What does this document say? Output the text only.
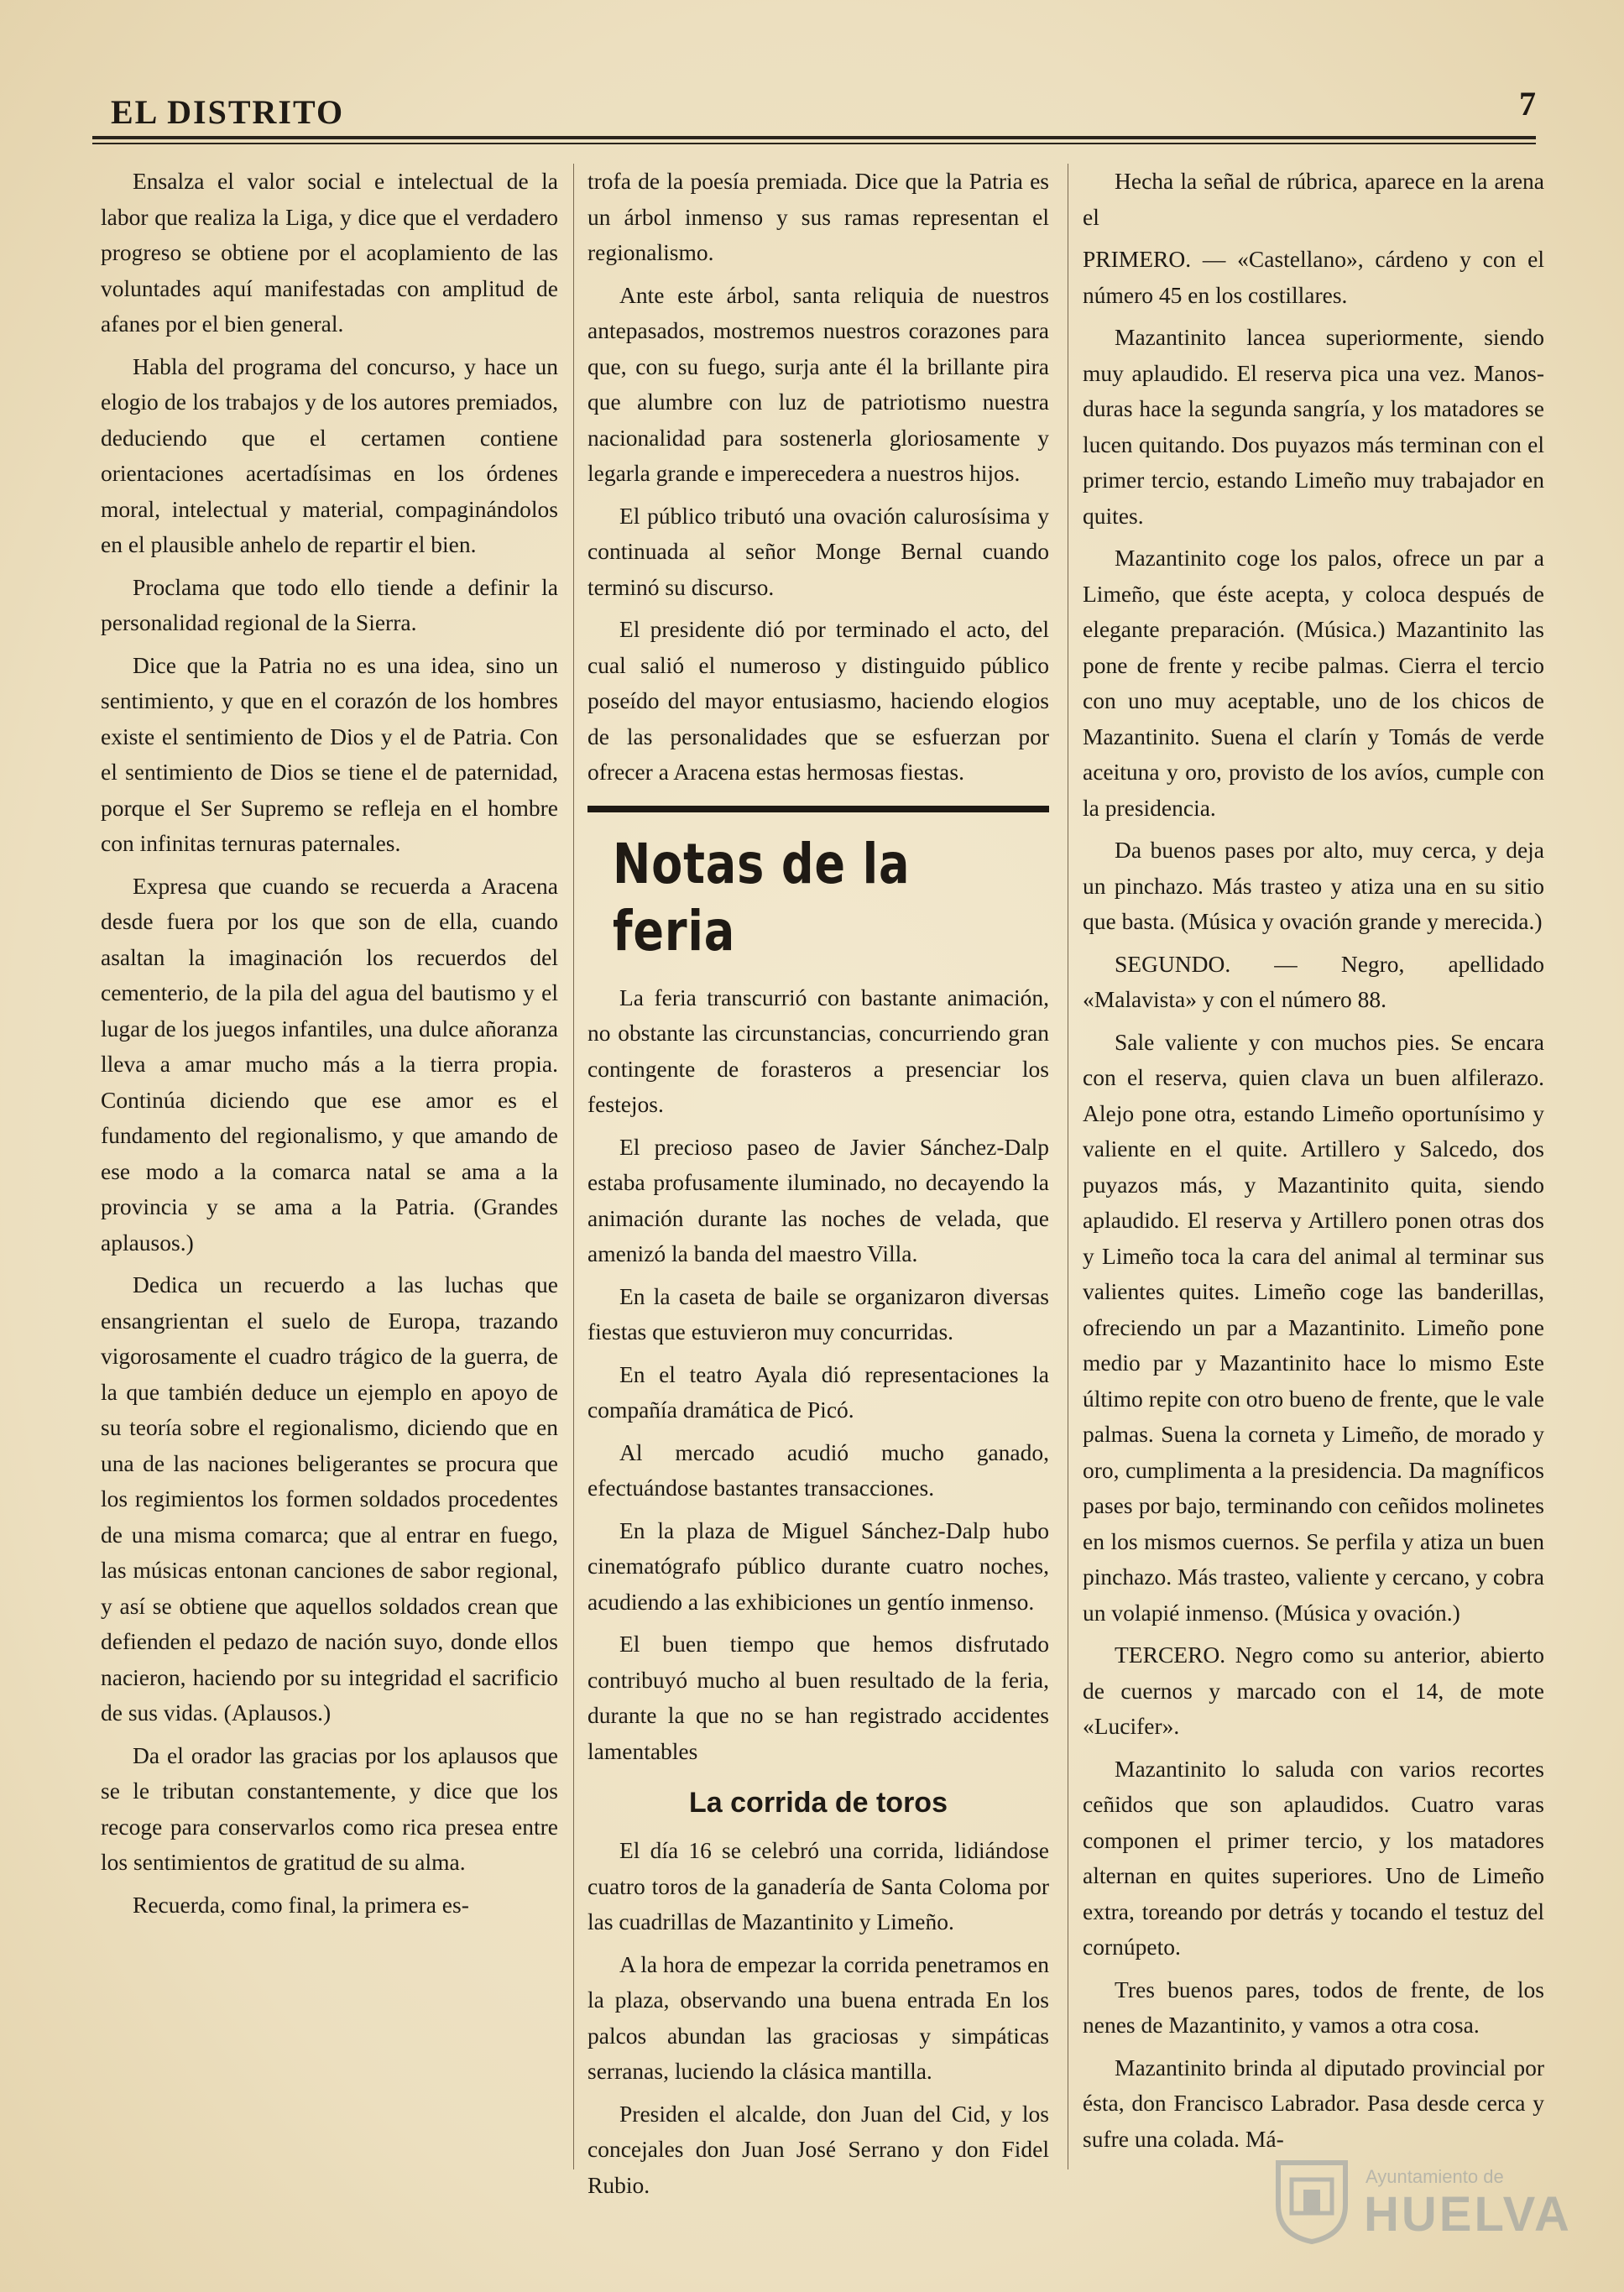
EL DISTRITO	7

Ensalza el valor social e intelectual de la labor que realiza la Liga, y dice que el verdadero progreso se obtiene por el acoplamiento de las voluntades aquí manifestadas con amplitud de afanes por el bien general.

Habla del programa del concurso, y hace un elogio de los trabajos y de los autores premiados, deduciendo que el certamen contiene orientaciones acertadísimas en los órdenes moral, intelectual y material, compaginándolos en el plausible anhelo de repartir el bien.

Proclama que todo ello tiende a definir la personalidad regional de la Sierra.

Dice que la Patria no es una idea, sino un sentimiento, y que en el corazón de los hombres existe el sentimiento de Dios y el de Patria. Con el sentimiento de Dios se tiene el de paternidad, porque el Ser Supremo se refleja en el hombre con infinitas ternuras paternales.

Expresa que cuando se recuerda a Aracena desde fuera por los que son de ella, cuando asaltan la imaginación los recuerdos del cementerio, de la pila del agua del bautismo y el lugar de los juegos infantiles, una dulce añoranza lleva a amar mucho más a la tierra propia. Continúa diciendo que ese amor es el fundamento del regionalismo, y que amando de ese modo a la comarca natal se ama a la provincia y se ama a la Patria. (Grandes aplausos.)

Dedica un recuerdo a las luchas que ensangrientan el suelo de Europa, trazando vigorosamente el cuadro trágico de la guerra, de la que también deduce un ejemplo en apoyo de su teoría sobre el regionalismo, diciendo que en una de las naciones beligerantes se procura que los regimientos los formen soldados procedentes de una misma comarca; que al entrar en fuego, las músicas entonan canciones de sabor regional, y así se obtiene que aquellos soldados crean que defienden el pedazo de nación suyo, donde ellos nacieron, haciendo por su integridad el sacrificio de sus vidas. (Aplausos.)

Da el orador las gracias por los aplausos que se le tributan constantemente, y dice que los recoge para conservarlos como rica presea entre los sentimientos de gratitud de su alma.

Recuerda, como final, la primera es-

trofa de la poesía premiada. Dice que la Patria es un árbol inmenso y sus ramas representan el regionalismo.

Ante este árbol, santa reliquia de nuestros antepasados, mostremos nuestros corazones para que, con su fuego, surja ante él la brillante pira que alumbre con luz de patriotismo nuestra nacionalidad para sostenerla gloriosamente y legarla grande e imperecedera a nuestros hijos.

El público tributó una ovación calurosísima y continuada al señor Monge Bernal cuando terminó su discurso.

El presidente dió por terminado el acto, del cual salió el numeroso y distinguido público poseído del mayor entusiasmo, haciendo elogios de las personalidades que se esfuerzan por ofrecer a Aracena estas hermosas fiestas.

Notas de la feria

La feria transcurrió con bastante animación, no obstante las circunstancias, concurriendo gran contingente de forasteros a presenciar los festejos.

El precioso paseo de Javier Sánchez-Dalp estaba profusamente iluminado, no decayendo la animación durante las noches de velada, que amenizó la banda del maestro Villa.

En la caseta de baile se organizaron diversas fiestas que estuvieron muy concurridas.

En el teatro Ayala dió representaciones la compañía dramática de Picó.

Al mercado acudió mucho ganado, efectuándose bastantes transacciones.

En la plaza de Miguel Sánchez-Dalp hubo cinematógrafo público durante cuatro noches, acudiendo a las exhibiciones un gentío inmenso.

El buen tiempo que hemos disfrutado contribuyó mucho al buen resultado de la feria, durante la que no se han registrado accidentes lamentables

La corrida de toros

El día 16 se celebró una corrida, lidiándose cuatro toros de la ganadería de Santa Coloma por las cuadrillas de Mazantinito y Limeño.

A la hora de empezar la corrida penetramos en la plaza, observando una buena entrada En los palcos abundan las graciosas y simpáticas serranas, luciendo la clásica mantilla.

Presiden el alcalde, don Juan del Cid, y los concejales don Juan José Serrano y don Fidel Rubio.

Hecha la señal de rúbrica, aparece en la arena el

PRIMERO. — «Castellano», cárdeno y con el número 45 en los costillares.

Mazantinito lancea superiormente, siendo muy aplaudido. El reserva pica una vez. Manos-duras hace la segunda sangría, y los matadores se lucen quitando. Dos puyazos más terminan con el primer tercio, estando Limeño muy trabajador en quites.

Mazantinito coge los palos, ofrece un par a Limeño, que éste acepta, y coloca después de elegante preparación. (Música.) Mazantinito las pone de frente y recibe palmas. Cierra el tercio con uno muy aceptable, uno de los chicos de Mazantinito. Suena el clarín y Tomás de verde aceituna y oro, provisto de los avíos, cumple con la presidencia.

Da buenos pases por alto, muy cerca, y deja un pinchazo. Más trasteo y atiza una en su sitio que basta. (Música y ovación grande y merecida.)

SEGUNDO. — Negro, apellidado «Malavista» y con el número 88.

Sale valiente y con muchos pies. Se encara con el reserva, quien clava un buen alfilerazo. Alejo pone otra, estando Limeño oportunísimo y valiente en el quite. Artillero y Salcedo, dos puyazos más, y Mazantinito quita, siendo aplaudido. El reserva y Artillero ponen otras dos y Limeño toca la cara del animal al terminar sus valientes quites. Limeño coge las banderillas, ofreciendo un par a Mazantinito. Limeño pone medio par y Mazantinito hace lo mismo Este último repite con otro bueno de frente, que le vale palmas. Suena la corneta y Limeño, de morado y oro, cumplimenta a la presidencia. Da magníficos pases por bajo, terminando con ceñidos molinetes en los mismos cuernos. Se perfila y atiza un buen pinchazo. Más trasteo, valiente y cercano, y cobra un volapié inmenso. (Música y ovación.)

TERCERO. Negro como su anterior, abierto de cuernos y marcado con el 14, de mote «Lucifer».

Mazantinito lo saluda con varios recortes ceñidos que son aplaudidos. Cuatro varas componen el primer tercio, y los matadores alternan en quites superiores. Uno de Limeño extra, toreando por detrás y tocando el testuz del cornúpeto.

Tres buenos pares, todos de frente, de los nenes de Mazantinito, y vamos a otra cosa.

Mazantinito brinda al diputado provincial por ésta, don Francisco Labrador. Pasa desde cerca y sufre una colada. Má-

Ayuntamiento de
HUELVA
